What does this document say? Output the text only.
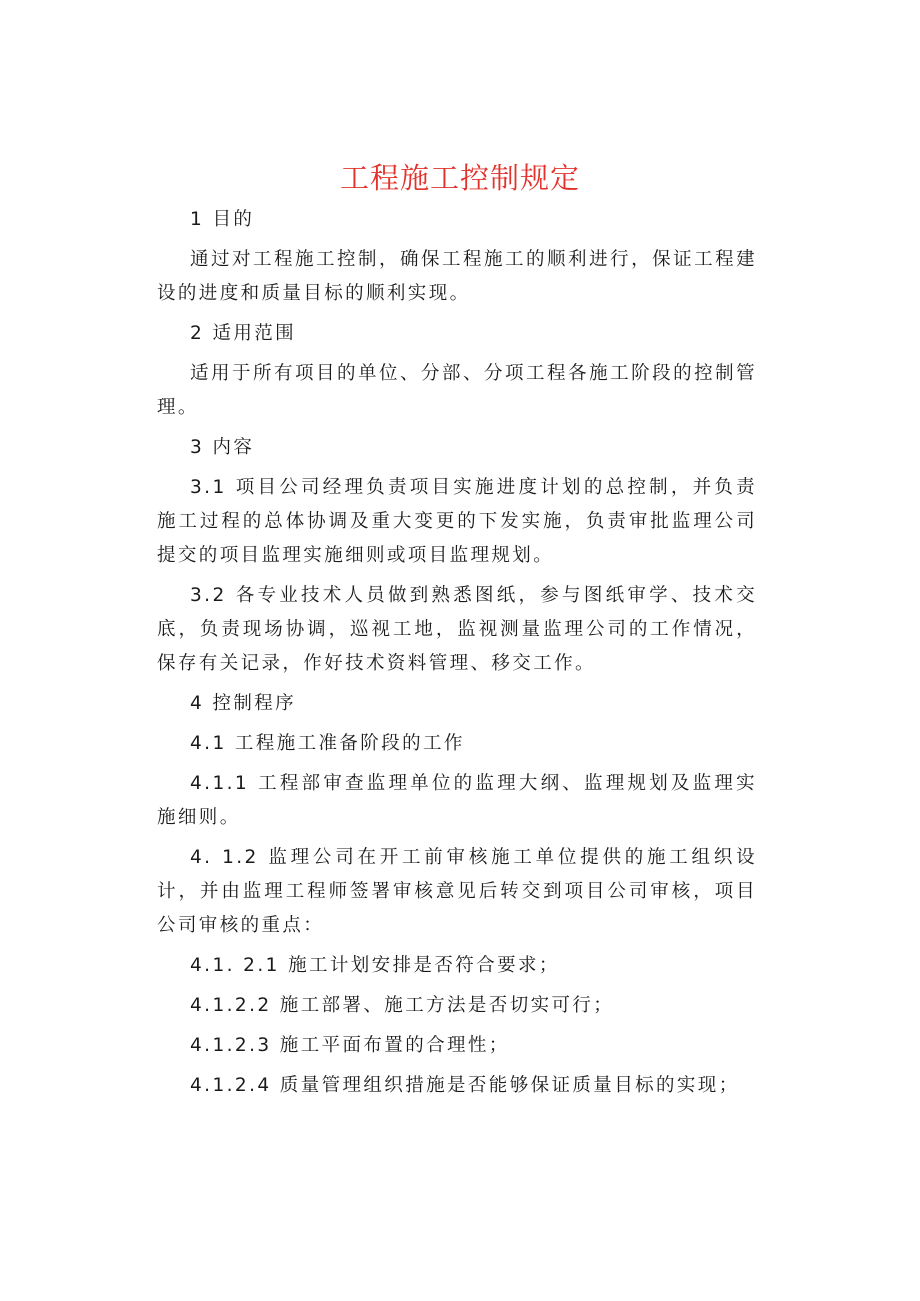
工程施工控制规定

1 目的

通过对工程施工控制，确保工程施工的顺利进行，保证工程建设的进度和质量目标的顺利实现。

2 适用范围

适用于所有项目的单位、分部、分项工程各施工阶段的控制管理。

3 内容

3.1 项目公司经理负责项目实施进度计划的总控制，并负责施工过程的总体协调及重大变更的下发实施，负责审批监理公司提交的项目监理实施细则或项目监理规划。

3.2 各专业技术人员做到熟悉图纸，参与图纸审学、技术交底，负责现场协调，巡视工地，监视测量监理公司的工作情况，保存有关记录，作好技术资料管理、移交工作。

4 控制程序

4.1 工程施工准备阶段的工作

4.1.1 工程部审查监理单位的监理大纲、监理规划及监理实施细则。

4. 1.2 监理公司在开工前审核施工单位提供的施工组织设计，并由监理工程师签署审核意见后转交到项目公司审核，项目公司审核的重点：

4.1. 2.1 施工计划安排是否符合要求；

4.1.2.2 施工部署、施工方法是否切实可行；

4.1.2.3 施工平面布置的合理性；

4.1.2.4 质量管理组织措施是否能够保证质量目标的实现；
